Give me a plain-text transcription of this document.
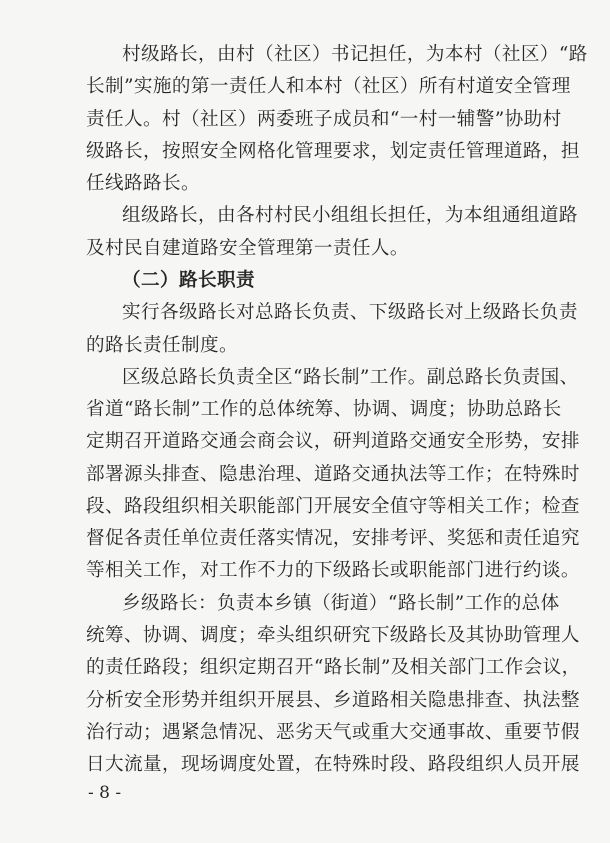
村级路长，由村（社区）书记担任，为本村（社区）“路
长制”实施的第一责任人和本村（社区）所有村道安全管理
责任人。村（社区）两委班子成员和“一村一辅警”协助村
级路长，按照安全网格化管理要求，划定责任管理道路，担
任线路路长。
组级路长，由各村村民小组组长担任，为本组通组道路
及村民自建道路安全管理第一责任人。
（二）路长职责
实行各级路长对总路长负责、下级路长对上级路长负责
的路长责任制度。
区级总路长负责全区“路长制”工作。副总路长负责国、
省道“路长制”工作的总体统筹、协调、调度；协助总路长
定期召开道路交通会商会议，研判道路交通安全形势，安排
部署源头排查、隐患治理、道路交通执法等工作；在特殊时
段、路段组织相关职能部门开展安全值守等相关工作；检查
督促各责任单位责任落实情况，安排考评、奖惩和责任追究
等相关工作，对工作不力的下级路长或职能部门进行约谈。
乡级路长：负责本乡镇（街道）“路长制”工作的总体
统筹、协调、调度；牵头组织研究下级路长及其协助管理人
的责任路段；组织定期召开“路长制”及相关部门工作会议，
分析安全形势并组织开展县、乡道路相关隐患排查、执法整
治行动；遇紧急情况、恶劣天气或重大交通事故、重要节假
日大流量，现场调度处置，在特殊时段、路段组织人员开展
- 8 -
